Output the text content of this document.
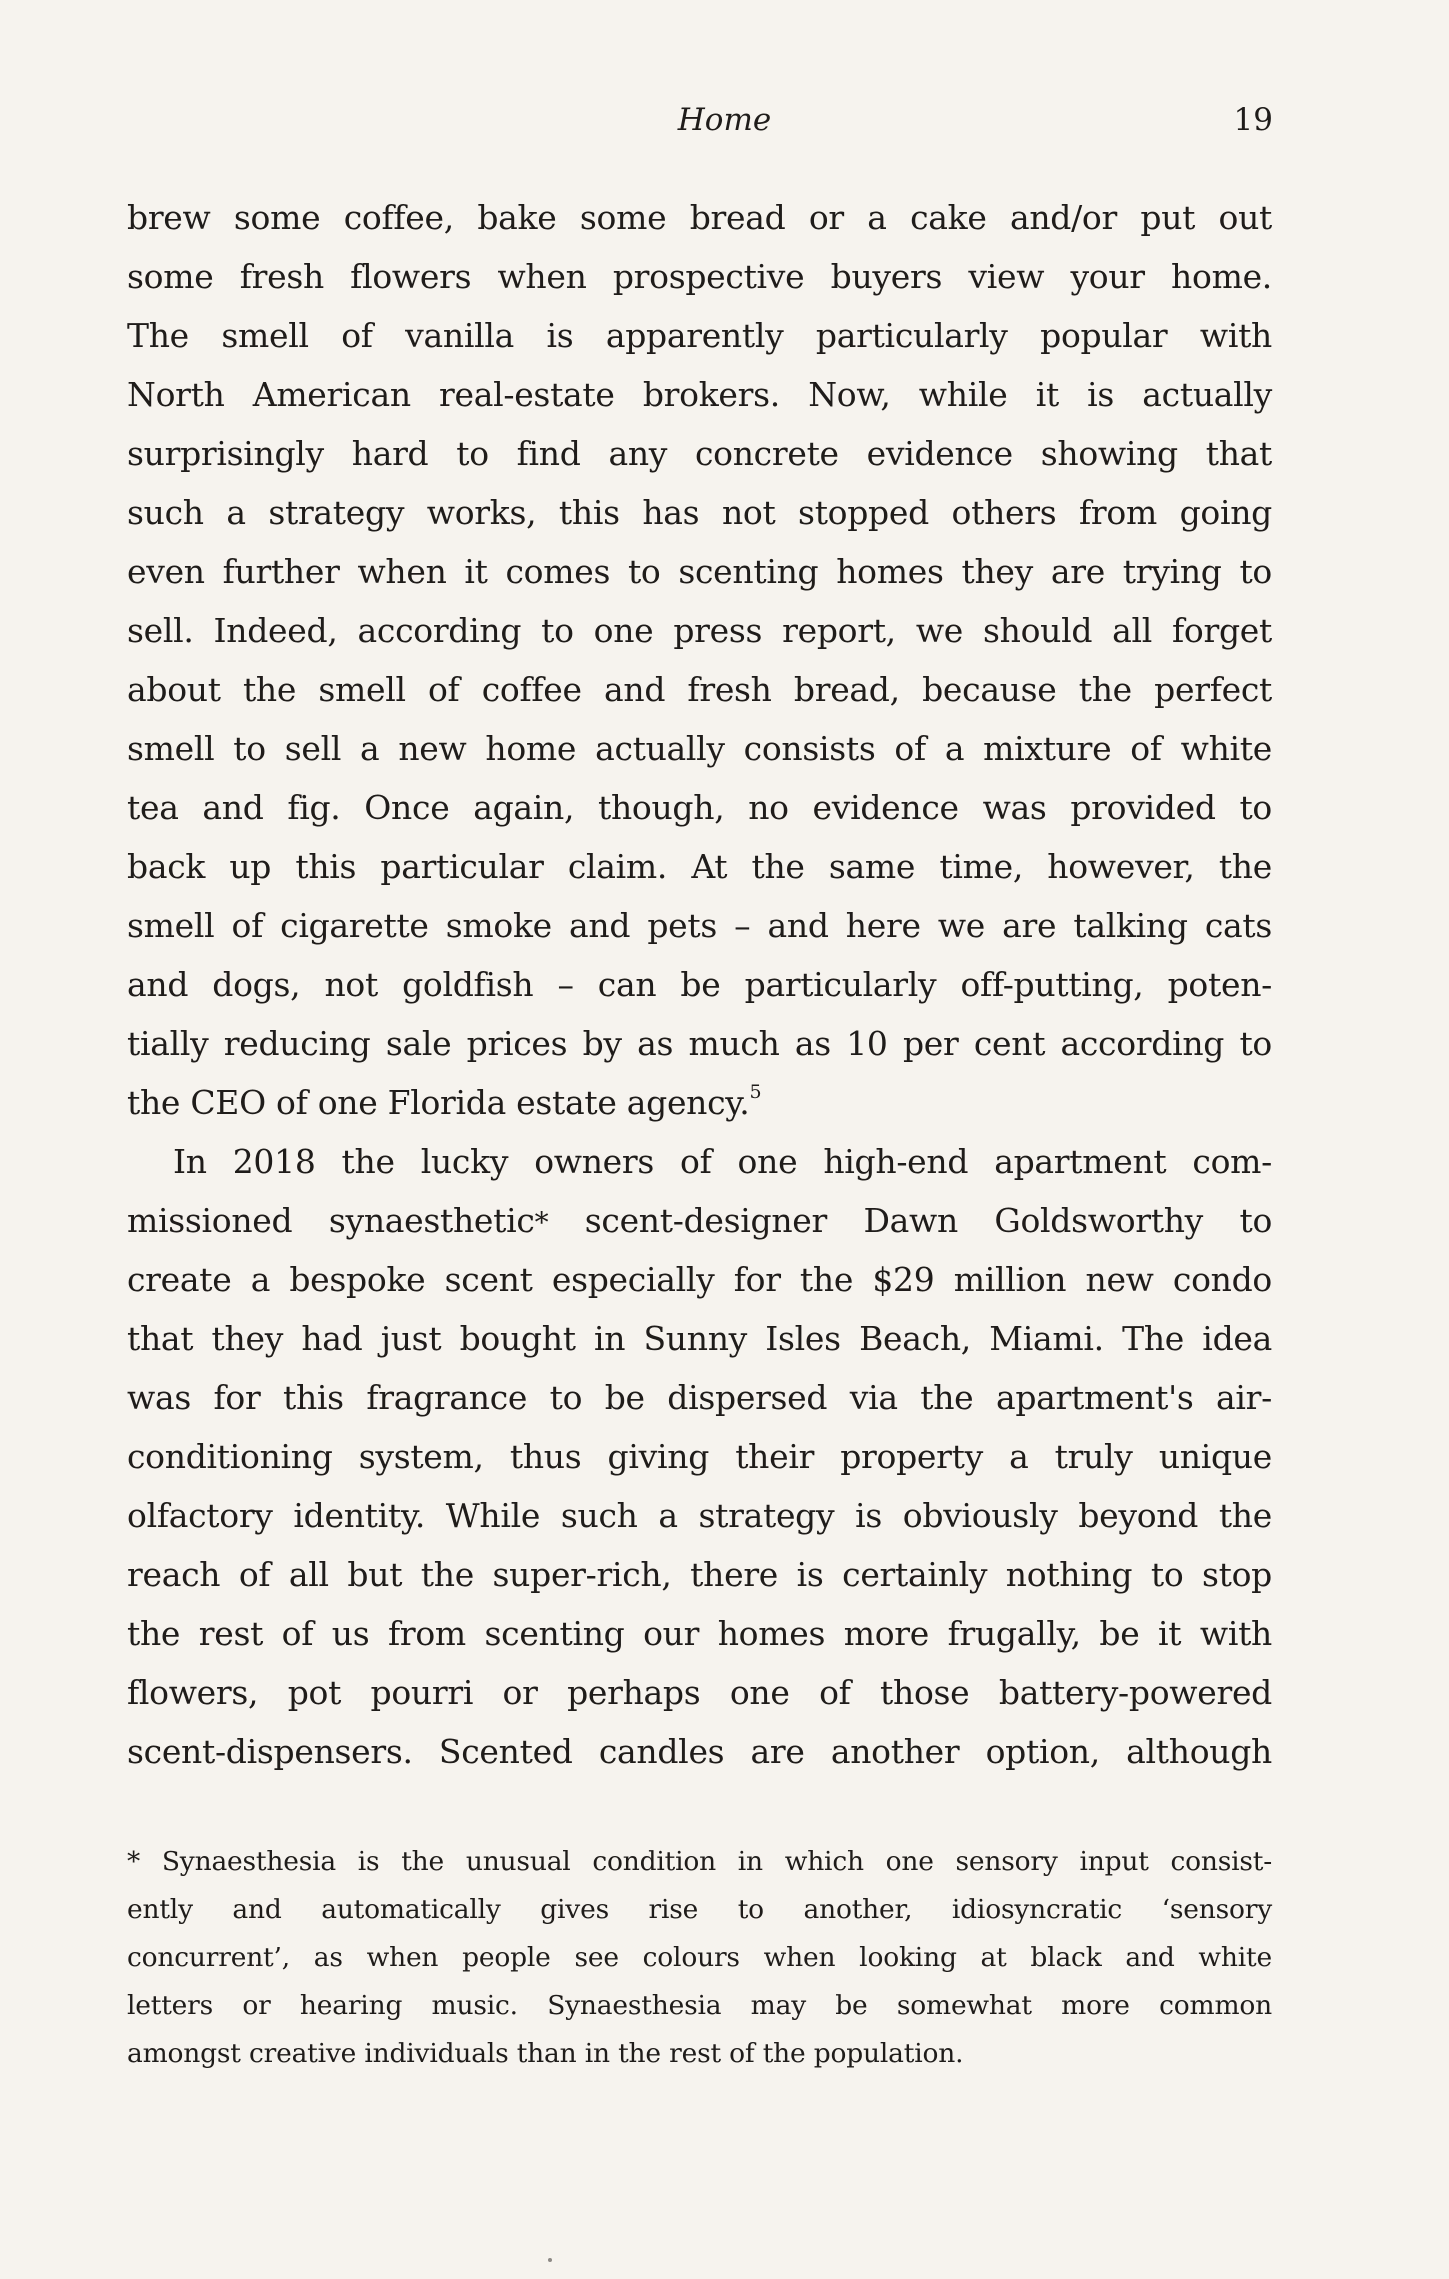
Home	19
brew some coffee, bake some bread or a cake and/or put out
some fresh flowers when prospective buyers view your home.
The smell of vanilla is apparently particularly popular with
North American real-estate brokers. Now, while it is actually
surprisingly hard to find any concrete evidence showing that
such a strategy works, this has not stopped others from going
even further when it comes to scenting homes they are trying to
sell. Indeed, according to one press report, we should all forget
about the smell of coffee and fresh bread, because the perfect
smell to sell a new home actually consists of a mixture of white
tea and fig. Once again, though, no evidence was provided to
back up this particular claim. At the same time, however, the
smell of cigarette smoke and pets – and here we are talking cats
and dogs, not goldfish – can be particularly off-putting, poten-
tially reducing sale prices by as much as 10 per cent according to
the CEO of one Florida estate agency.$^5$
In 2018 the lucky owners of one high-end apartment com-
missioned synaesthetic* scent-designer Dawn Goldsworthy to
create a bespoke scent especially for the $29 million new condo
that they had just bought in Sunny Isles Beach, Miami. The idea
was for this fragrance to be dispersed via the apartment's air-
conditioning system, thus giving their property a truly unique
olfactory identity. While such a strategy is obviously beyond the
reach of all but the super-rich, there is certainly nothing to stop
the rest of us from scenting our homes more frugally, be it with
flowers, pot pourri or perhaps one of those battery-powered
scent-dispensers. Scented candles are another option, although
* Synaesthesia is the unusual condition in which one sensory input consist-
ently and automatically gives rise to another, idiosyncratic ‘sensory
concurrent’, as when people see colours when looking at black and white
letters or hearing music. Synaesthesia may be somewhat more common
amongst creative individuals than in the rest of the population.
